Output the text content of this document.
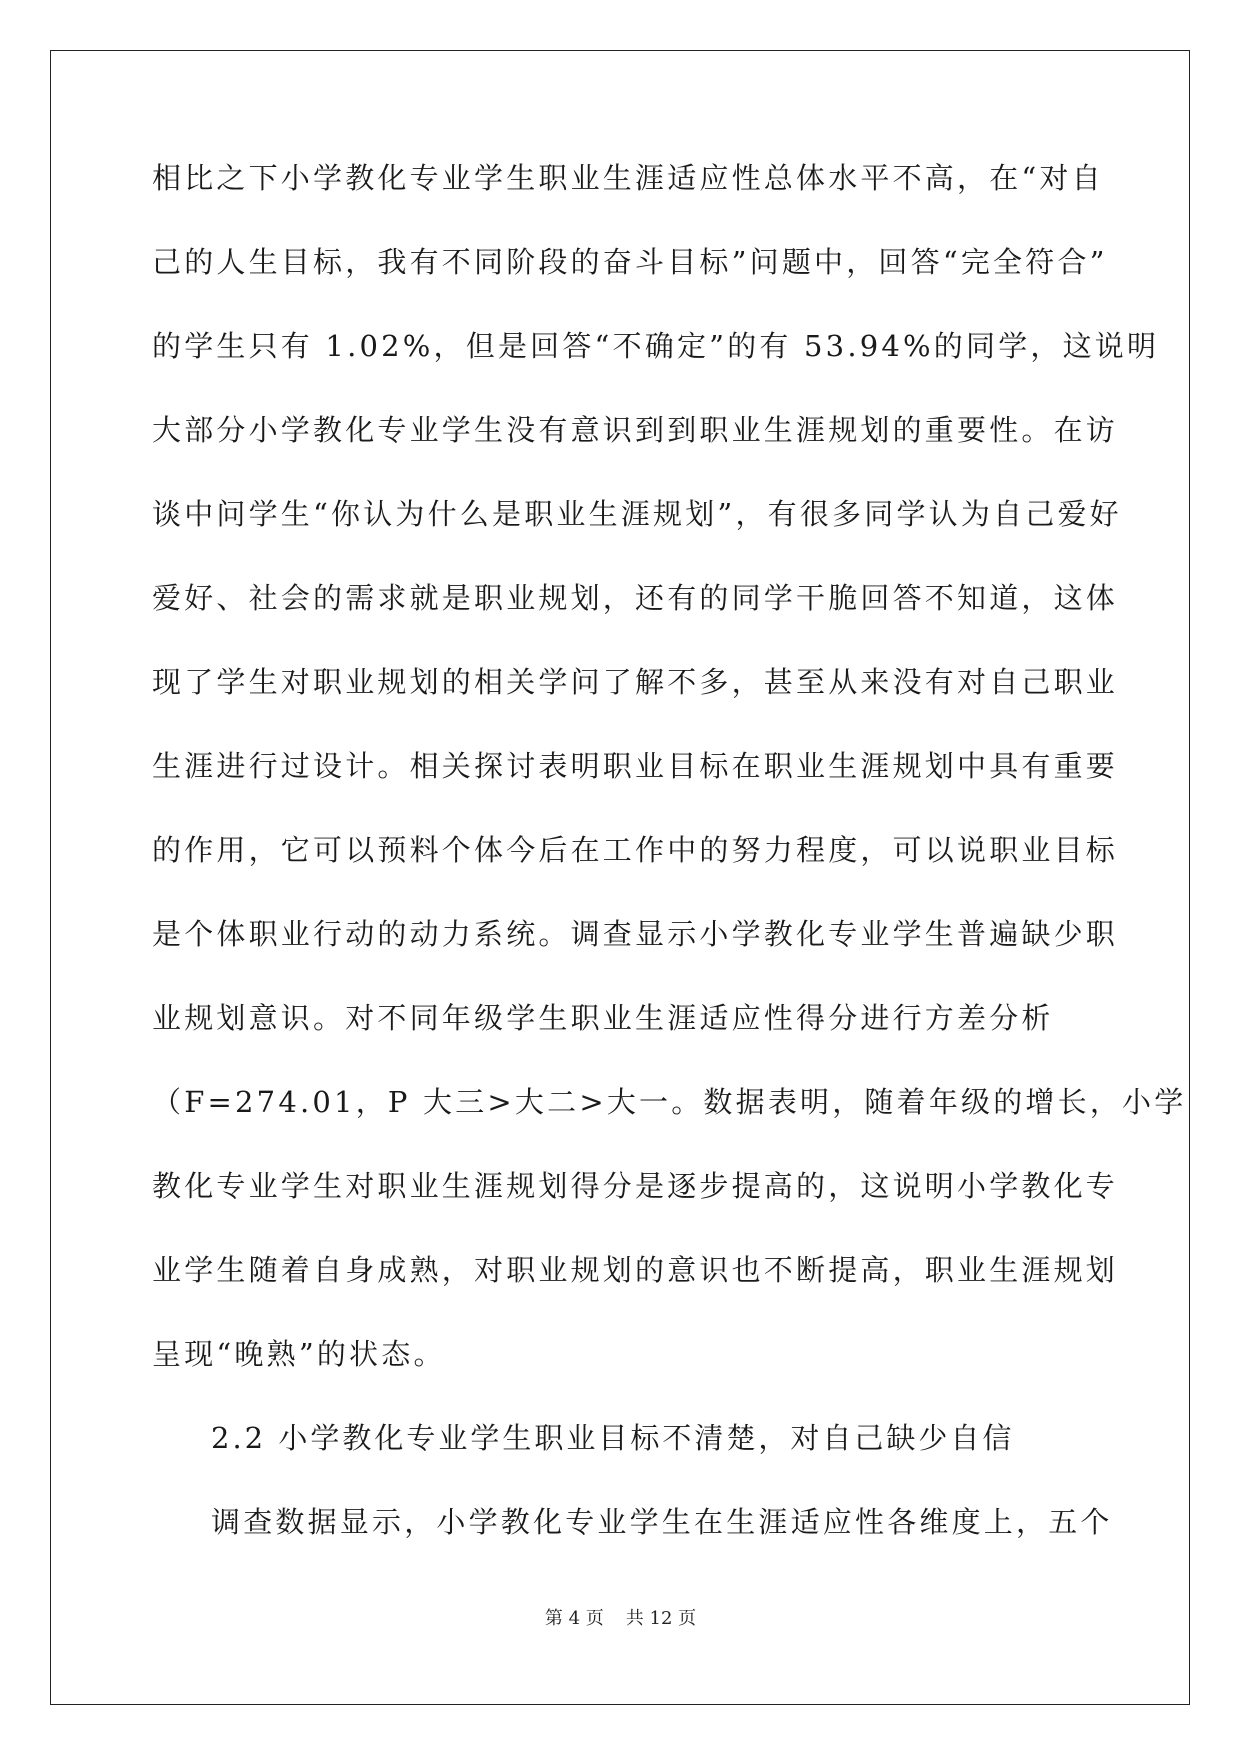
相比之下小学教化专业学生职业生涯适应性总体水平不高，在“对自
己的人生目标，我有不同阶段的奋斗目标”问题中，回答“完全符合”
的学生只有 1.02%，但是回答“不确定”的有 53.94%的同学，这说明
大部分小学教化专业学生没有意识到到职业生涯规划的重要性。在访
谈中问学生“你认为什么是职业生涯规划”，有很多同学认为自己爱好
爱好、社会的需求就是职业规划，还有的同学干脆回答不知道，这体
现了学生对职业规划的相关学问了解不多，甚至从来没有对自己职业
生涯进行过设计。相关探讨表明职业目标在职业生涯规划中具有重要
的作用，它可以预料个体今后在工作中的努力程度，可以说职业目标
是个体职业行动的动力系统。调查显示小学教化专业学生普遍缺少职
业规划意识。对不同年级学生职业生涯适应性得分进行方差分析
（F=274.01，P 大三>大二>大一。数据表明，随着年级的增长，小学
教化专业学生对职业生涯规划得分是逐步提高的，这说明小学教化专
业学生随着自身成熟，对职业规划的意识也不断提高，职业生涯规划
呈现“晚熟”的状态。
2.2 小学教化专业学生职业目标不清楚，对自己缺少自信
调查数据显示，小学教化专业学生在生涯适应性各维度上，五个
第 4 页 共 12 页
